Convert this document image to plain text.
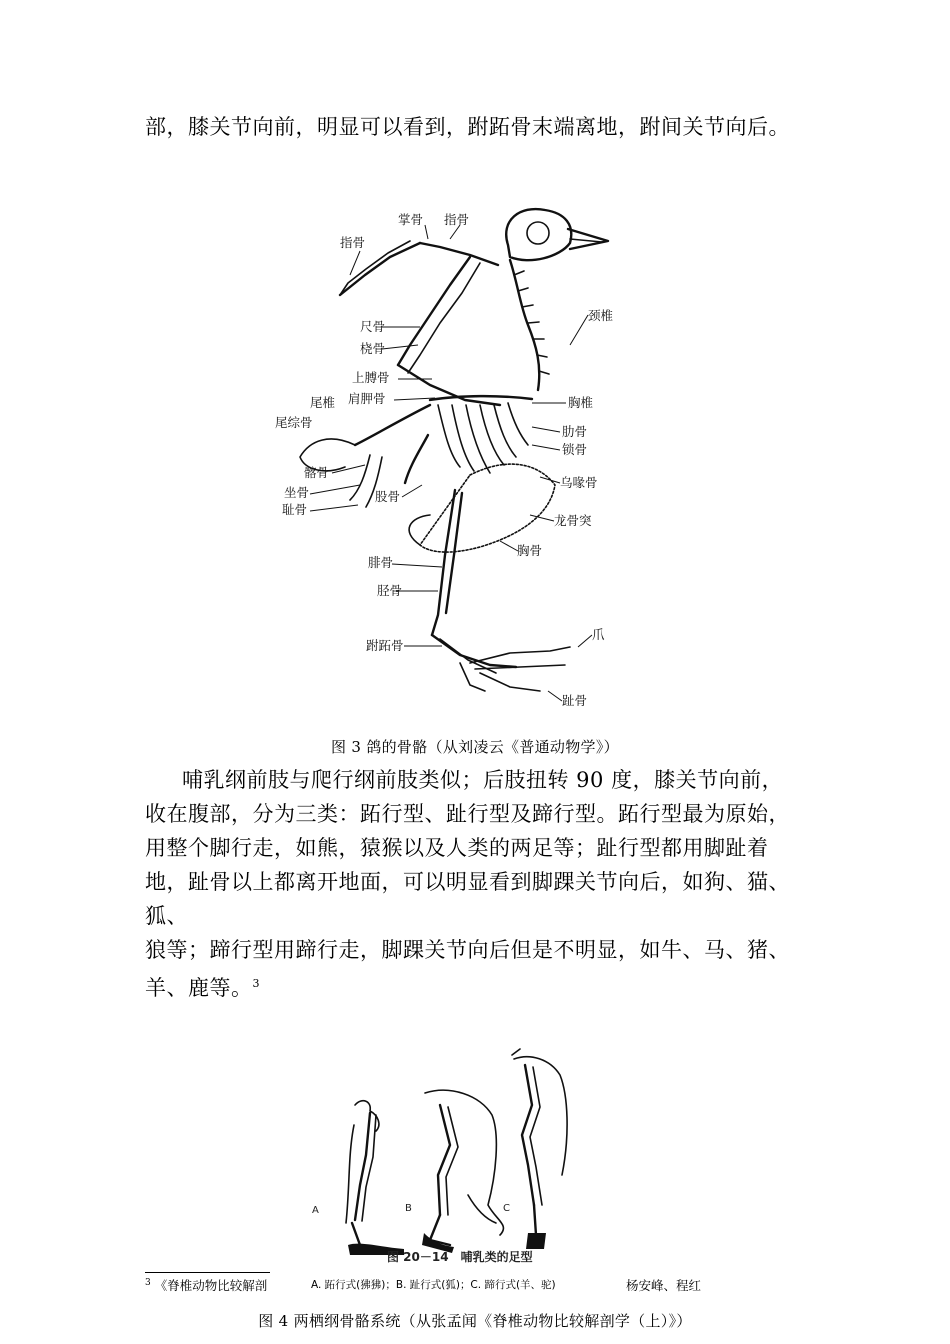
部，膝关节向前，明显可以看到，跗跖骨末端离地，跗间关节向后。
掌骨 指骨
指骨
颈椎
尺骨
桡骨
上膊骨
肩胛骨
尾椎
尾综骨
胸椎
肋骨
锁骨
髂骨
乌喙骨
坐骨	股骨
耻骨
龙骨突
胸骨
腓骨
胫骨
跗跖骨
爪
趾骨
图 3 鸽的骨骼（从刘凌云《普通动物学》）
哺乳纲前肢与爬行纲前肢类似；后肢扭转 90 度，膝关节向前，
收在腹部，分为三类：跖行型、趾行型及蹄行型。跖行型最为原始，
用整个脚行走，如熊，猿猴以及人类的两足等；趾行型都用脚趾着
地，趾骨以上都离开地面，可以明显看到脚踝关节向后，如狗、猫、
狐、
狼等；蹄行型用蹄行走，脚踝关节向后但是不明显，如牛、马、猪、
羊、鹿等。$^3$
A	B	C
图 20－14　哺乳类的足型
$^3$ 《脊椎动物比较解剖	A. 跖行式(狒狒)；B. 趾行式(狐)；C. 蹄行式(羊、驼)	杨安峰、程红
图 4 两栖纲骨骼系统（从张孟闻《脊椎动物比较解剖学（上）》）
